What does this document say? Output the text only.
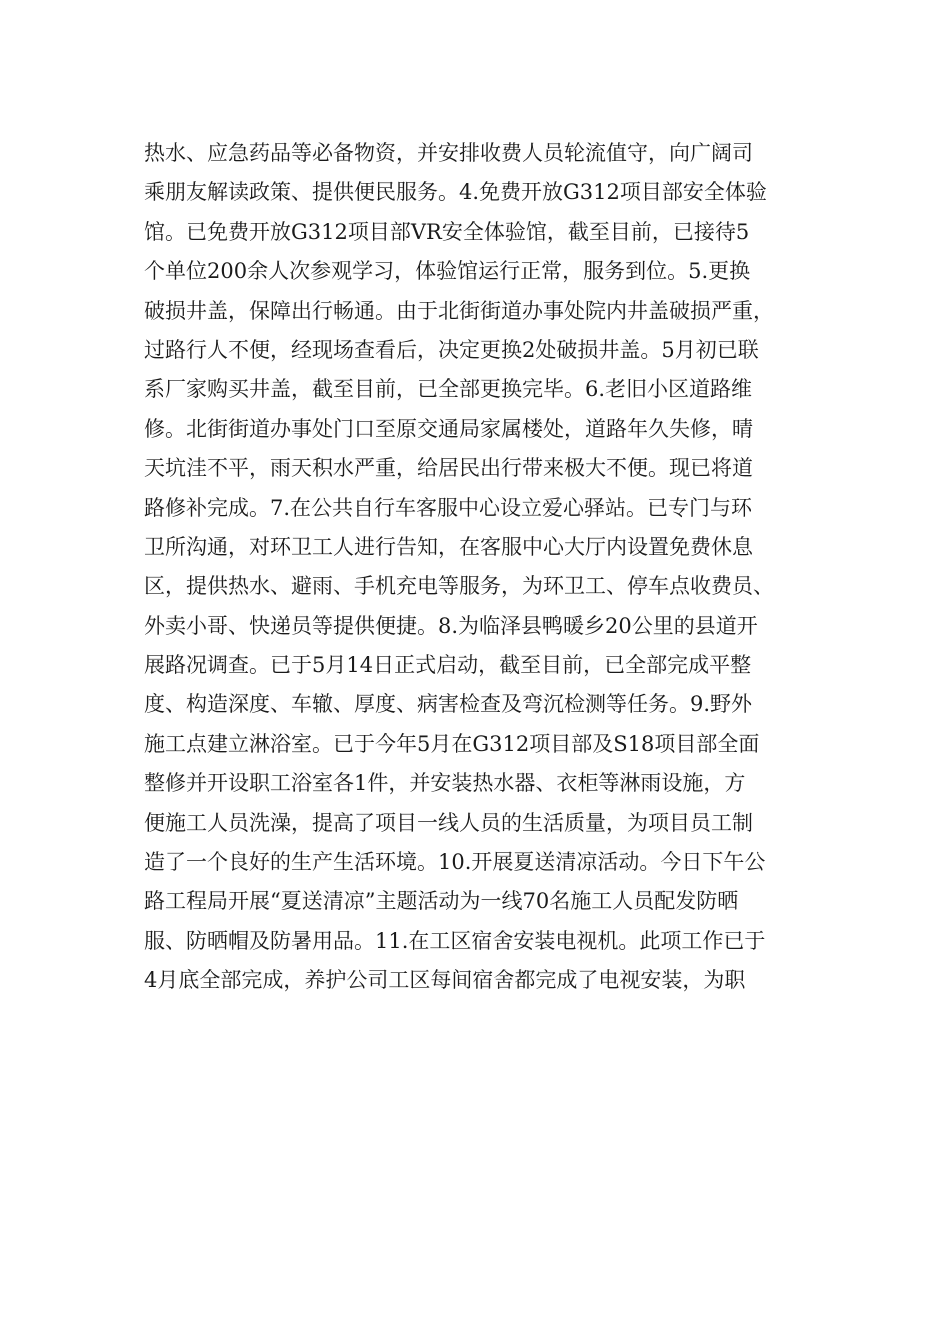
热水、应急药品等必备物资，并安排收费人员轮流值守，向广阔司
乘朋友解读政策、提供便民服务。4.免费开放G312项目部安全体验
馆。已免费开放G312项目部VR安全体验馆，截至目前，已接待5
个单位200余人次参观学习，体验馆运行正常，服务到位。5.更换
破损井盖，保障出行畅通。由于北街街道办事处院内井盖破损严重，
过路行人不便，经现场查看后，决定更换2处破损井盖。5月初已联
系厂家购买井盖，截至目前，已全部更换完毕。6.老旧小区道路维
修。北街街道办事处门口至原交通局家属楼处，道路年久失修，晴
天坑洼不平，雨天积水严重，给居民出行带来极大不便。现已将道
路修补完成。7.在公共自行车客服中心设立爱心驿站。已专门与环
卫所沟通，对环卫工人进行告知，在客服中心大厅内设置免费休息
区，提供热水、避雨、手机充电等服务，为环卫工、停车点收费员、
外卖小哥、快递员等提供便捷。8.为临泽县鸭暖乡20公里的县道开
展路况调查。已于5月14日正式启动，截至目前，已全部完成平整
度、构造深度、车辙、厚度、病害检查及弯沉检测等任务。9.野外
施工点建立淋浴室。已于今年5月在G312项目部及S18项目部全面
整修并开设职工浴室各1件，并安装热水器、衣柜等淋雨设施，方
便施工人员洗澡，提高了项目一线人员的生活质量，为项目员工制
造了一个良好的生产生活环境。10.开展夏送清凉活动。今日下午公
路工程局开展“夏送清凉”主题活动为一线70名施工人员配发防晒
服、防晒帽及防暑用品。11.在工区宿舍安装电视机。此项工作已于
4月底全部完成，养护公司工区每间宿舍都完成了电视安装，为职
